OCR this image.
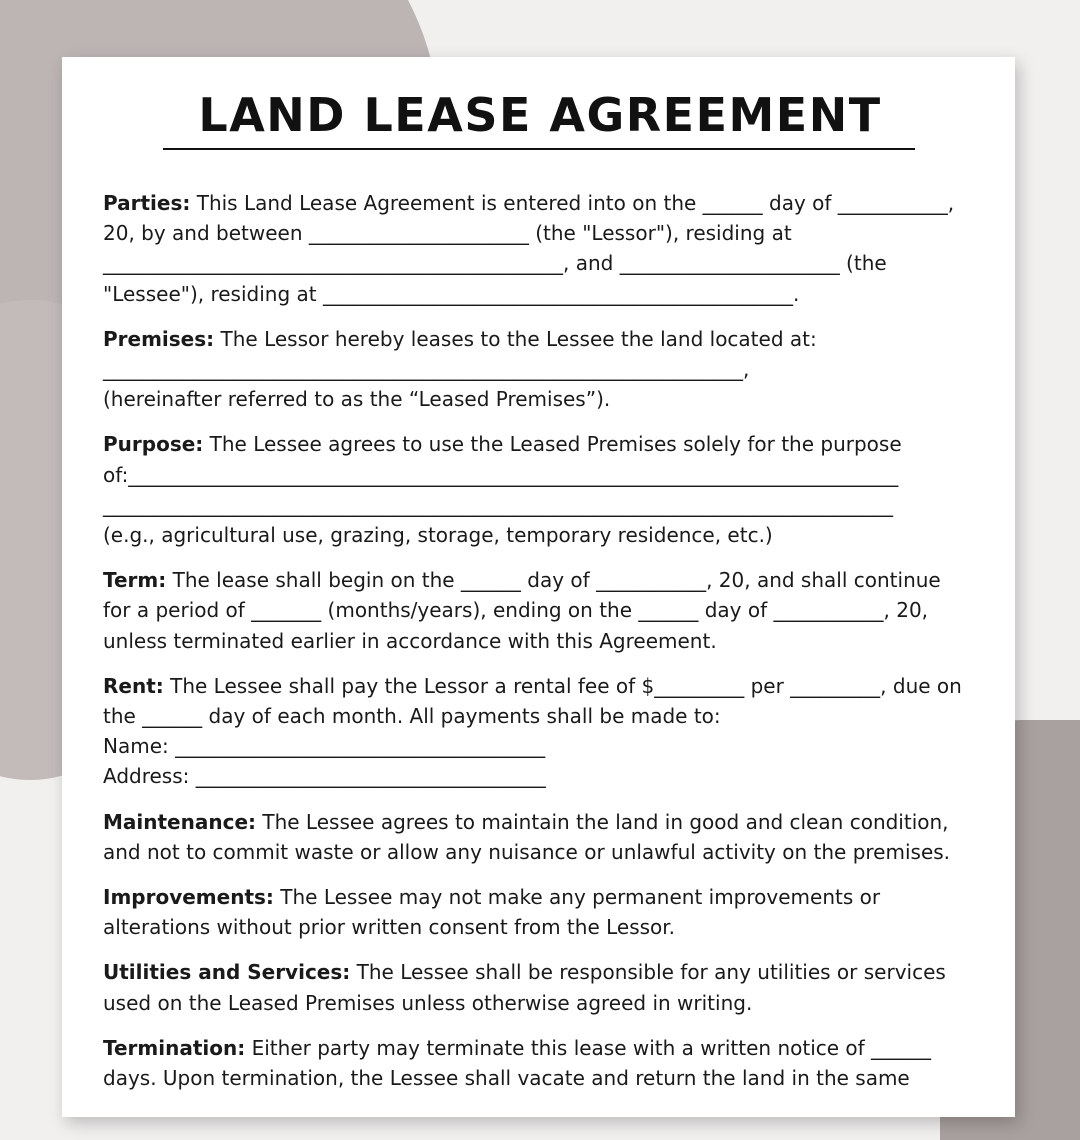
LAND LEASE AGREEMENT

Parties: This Land Lease Agreement is entered into on the ______ day of ___________,
20, by and between ______________________ (the "Lessor"), residing at
______________________________________________, and ______________________ (the
"Lessee"), residing at _______________________________________________.

Premises: The Lessor hereby leases to the Lessee the land located at:
________________________________________________________________,
(hereinafter referred to as the “Leased Premises”).

Purpose: The Lessee agrees to use the Leased Premises solely for the purpose
of:_____________________________________________________________________________
_______________________________________________________________________________
(e.g., agricultural use, grazing, storage, temporary residence, etc.)

Term: The lease shall begin on the ______ day of ___________, 20, and shall continue
for a period of _______ (months/years), ending on the ______ day of ___________, 20,
unless terminated earlier in accordance with this Agreement.

Rent: The Lessee shall pay the Lessor a rental fee of $_________ per _________, due on
the ______ day of each month. All payments shall be made to:
Name: _____________________________________
Address: ___________________________________

Maintenance: The Lessee agrees to maintain the land in good and clean condition,
and not to commit waste or allow any nuisance or unlawful activity on the premises.

Improvements: The Lessee may not make any permanent improvements or
alterations without prior written consent from the Lessor.

Utilities and Services: The Lessee shall be responsible for any utilities or services
used on the Leased Premises unless otherwise agreed in writing.

Termination: Either party may terminate this lease with a written notice of ______
days. Upon termination, the Lessee shall vacate and return the land in the same
